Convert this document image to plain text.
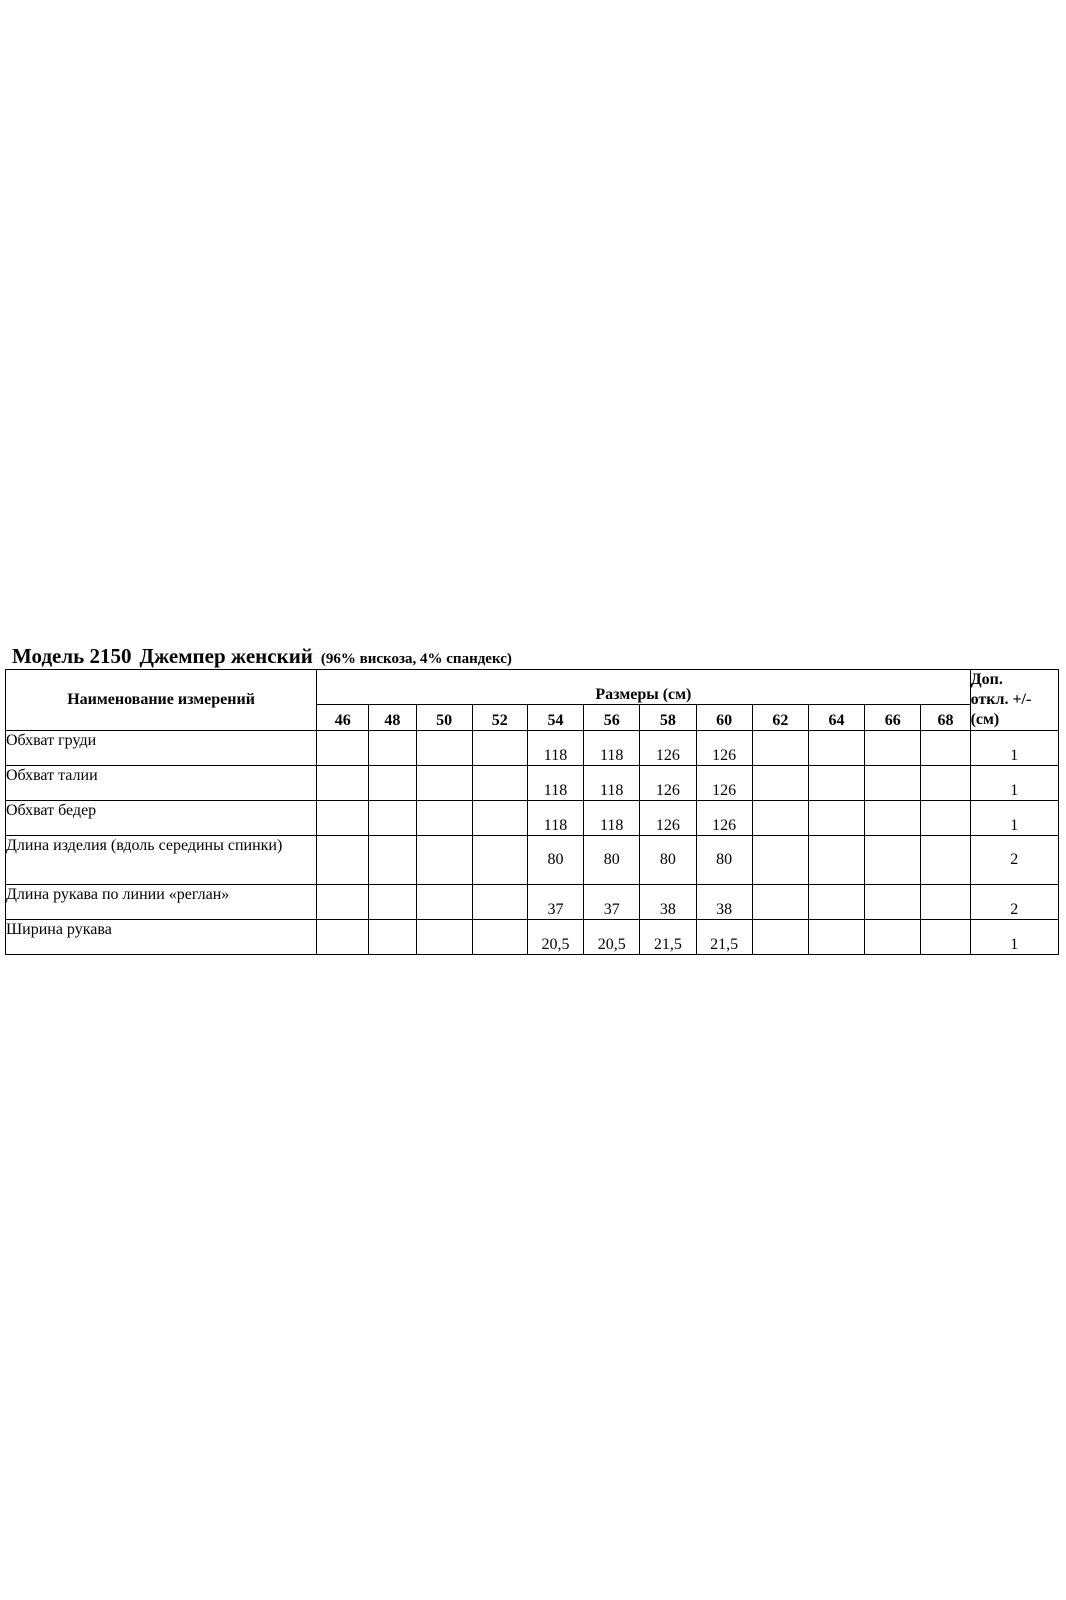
Модель 2150 Джемпер женский (96% вискоза, 4% спандекс)
Наименование измерений	Размеры (см)												Доп.
откл. +/-
(см)

	46	48	50	52	54	56	58	60	62	64	66	68	
Обхват груди					118	118	126	126					1
Обхват талии					118	118	126	126					1
Обхват бедер					118	118	126	126					1
Длина изделия (вдоль середины спинки)					80	80	80	80					2
Длина рукава по линии «реглан»					37	37	38	38					2
Ширина рукава					20,5	20,5	21,5	21,5					1
